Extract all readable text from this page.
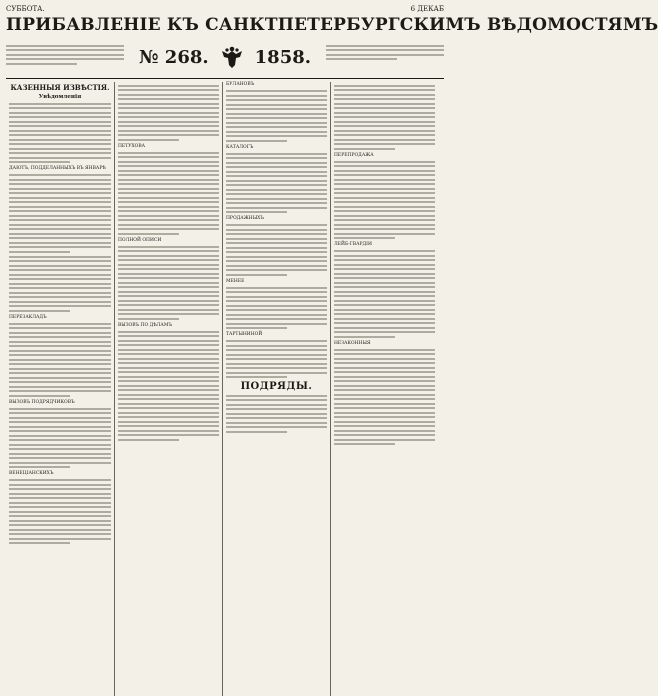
СУББОТА.	6 ДЕКАБ
ПРИБАВЛЕНІЕ КЪ САНКТПЕТЕРБУРГСКИМЪ ВѢДОМОСТЯМЪ
№ 268.	1858.
КАЗЕННЫЯ ИЗВѢСТІЯ.
Увѣдомленія
ДАЮТЪ, ПОДДЕЛАННЫХЪ ВЪ ЯНВАРѢ
ПЕРЕЗАКЛАДЪ
ВЫЗОВЪ ПОДРЯДЧИКОВЪ
ВЕНЕЦІАНСКИХЪ
ПЕТУХОВА
ПОЛНОЙ ОПИСИ
ВЫЗОВЪ ПО ДѢЛАМЪ
БУЛАНОВЪ
КАТАЛОГЪ
ПРОДАЖНЫХЪ
МЕНЕЕ
ТАРТЫНИНОЙ
ПОДРЯДЫ.
ПЕРЕПРОДАЖА
ЛЕЙБ-ГВАРДІИ
НЕЗАКОННЫЯ
